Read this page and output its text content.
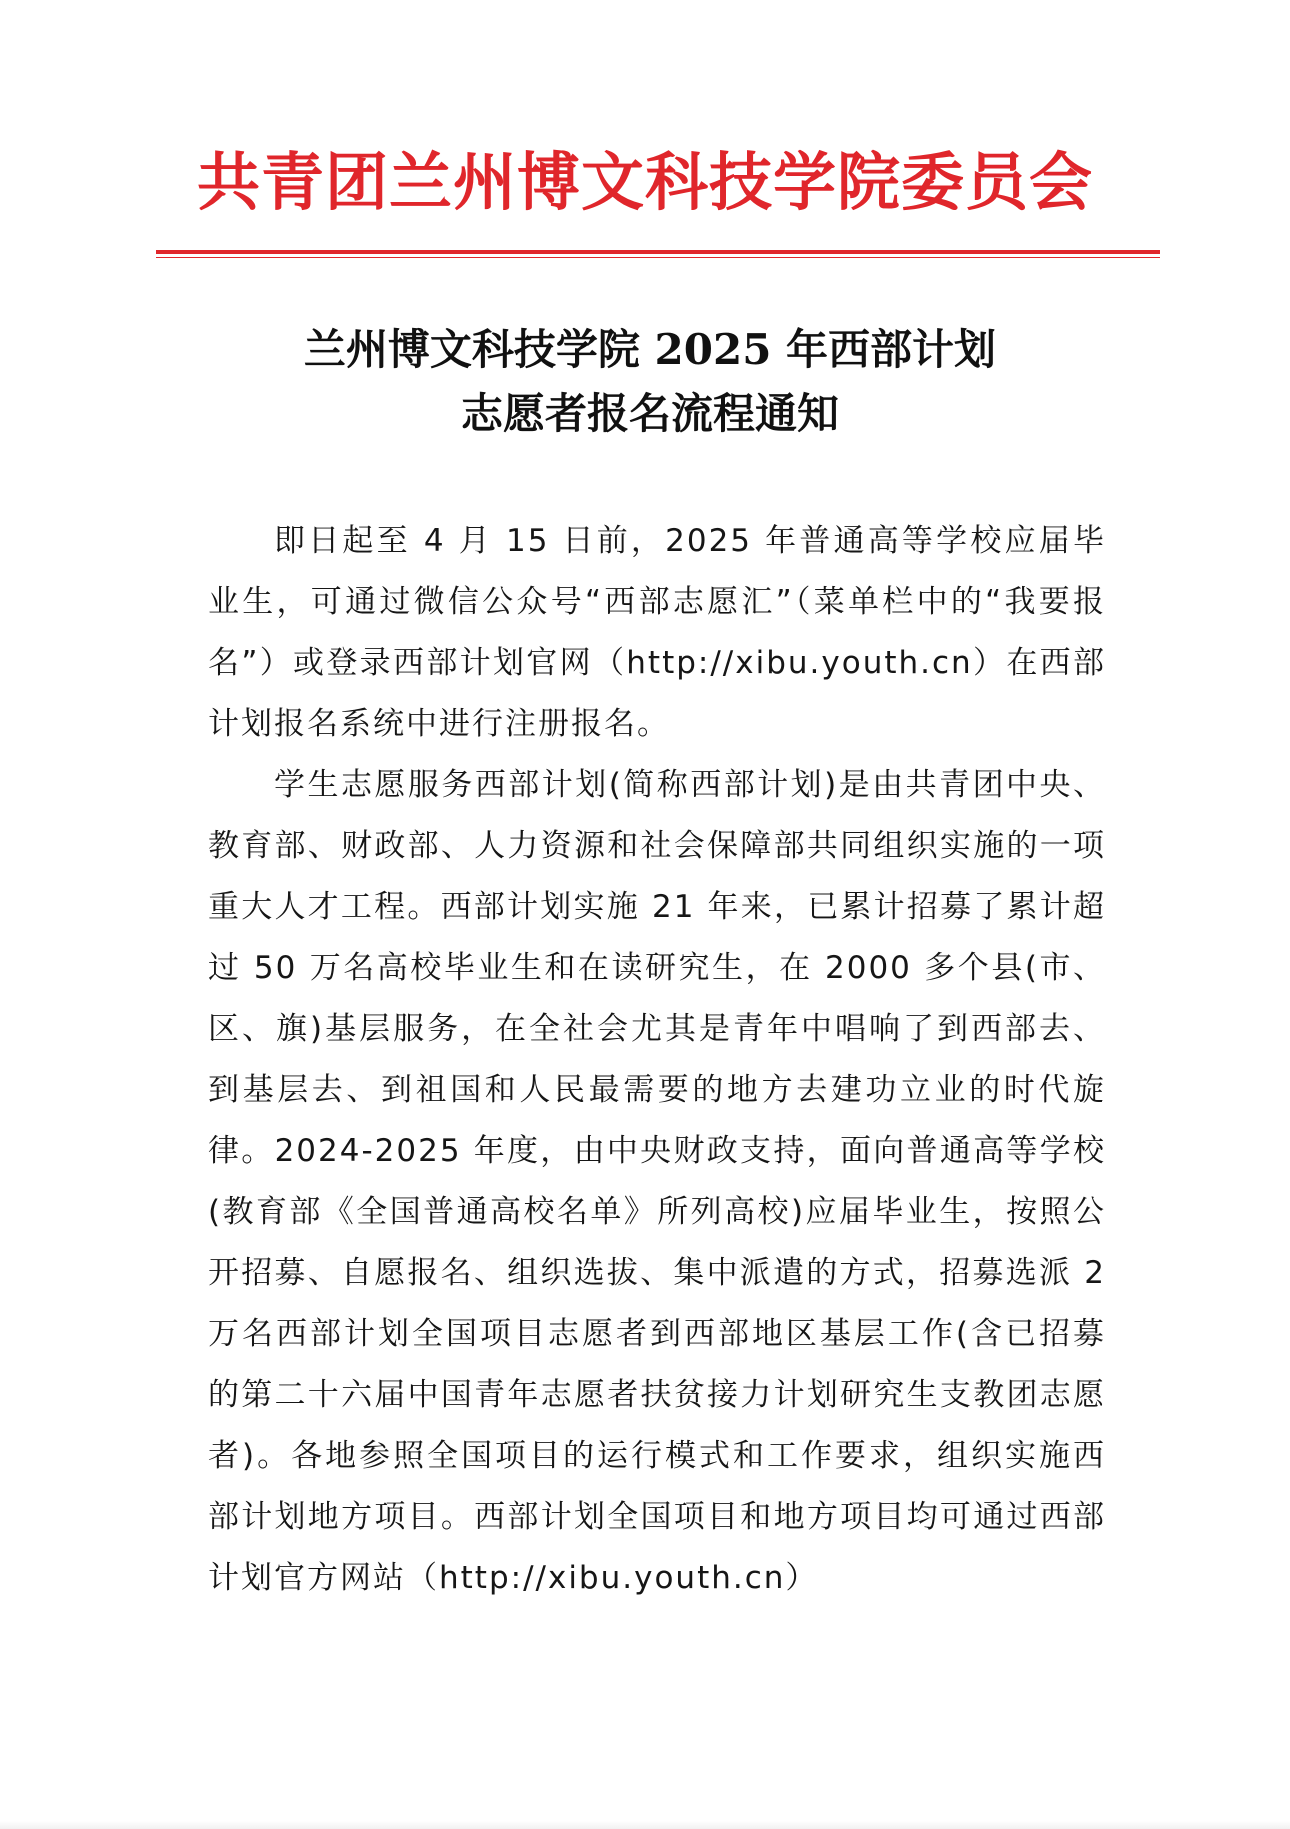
共青团兰州博文科技学院委员会
兰州博文科技学院 2025 年西部计划
志愿者报名流程通知

即日起至 4 月 15 日前，2025 年普通高等学校应届毕业生，可通过微信公众号“西部志愿汇”（菜单栏中的“我要报名”）或登录西部计划官网（http://xibu.youth.cn）在西部计划报名系统中进行注册报名。

学生志愿服务西部计划(简称西部计划)是由共青团中央、教育部、财政部、人力资源和社会保障部共同组织实施的一项重大人才工程。西部计划实施 21 年来，已累计招募了累计超过 50 万名高校毕业生和在读研究生，在 2000 多个县(市、区、旗)基层服务，在全社会尤其是青年中唱响了到西部去、到基层去、到祖国和人民最需要的地方去建功立业的时代旋律。2024-2025 年度，由中央财政支持，面向普通高等学校(教育部《全国普通高校名单》所列高校)应届毕业生，按照公开招募、自愿报名、组织选拔、集中派遣的方式，招募选派 2 万名西部计划全国项目志愿者到西部地区基层工作(含已招募的第二十六届中国青年志愿者扶贫接力计划研究生支教团志愿者)。各地参照全国项目的运行模式和工作要求，组织实施西部计划地方项目。西部计划全国项目和地方项目均可通过西部计划官方网站（http://xibu.youth.cn）
